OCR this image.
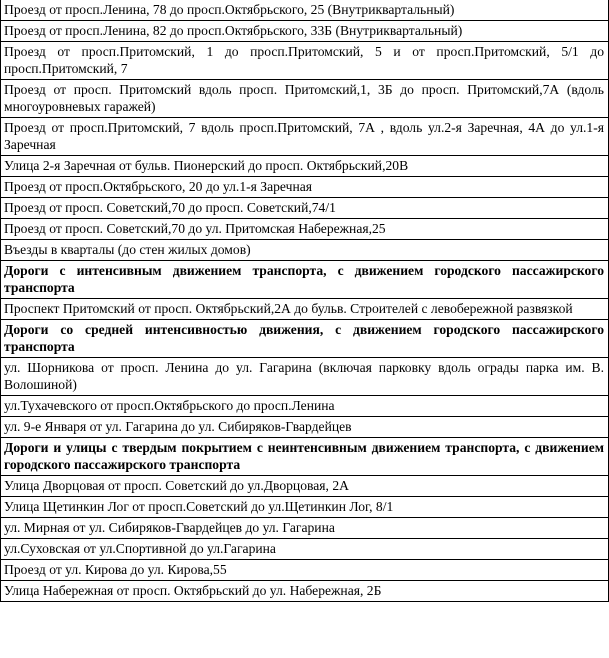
Проезд от просп.Ленина, 78 до просп.Октябрьского, 25 (Внутриквартальный)
Проезд от просп.Ленина, 82 до просп.Октябрьского, 33Б (Внутриквартальный)
Проезд от просп.Притомский, 1 до просп.Притомский, 5 и от просп.Притомский, 5/1 до просп.Притомский, 7
Проезд от просп. Притомский вдоль просп. Притомский,1, 3Б до просп. Притомский,7А (вдоль многоуровневых гаражей)
Проезд от просп.Притомский, 7 вдоль просп.Притомский, 7А , вдоль ул.2-я Заречная, 4А до ул.1-я Заречная
Улица 2-я Заречная от бульв. Пионерский до просп. Октябрьский,20В
Проезд от просп.Октябрьского, 20 до ул.1-я Заречная
Проезд от просп. Советский,70 до просп. Советский,74/1
Проезд от просп. Советский,70 до ул. Притомская Набережная,25
Въезды в кварталы (до стен жилых домов)
Дороги с интенсивным движением транспорта, с движением городского пассажирского транспорта
Проспект Притомский от просп. Октябрьский,2А до бульв. Строителей с левобережной развязкой
Дороги со средней интенсивностью движения, с движением городского пассажирского транспорта
ул. Шорникова от просп. Ленина до ул. Гагарина (включая парковку вдоль ограды парка им. В. Волошиной)
ул.Тухачевского от просп.Октябрьского до просп.Ленина
ул. 9-е Января от ул. Гагарина до ул. Сибиряков-Гвардейцев
Дороги и улицы с твердым покрытием с неинтенсивным движением транспорта, с движением городского пассажирского транспорта
Улица Дворцовая от просп. Советский до ул.Дворцовая, 2А
Улица Щетинкин Лог от просп.Советский до ул.Щетинкин Лог, 8/1
ул. Мирная от ул. Сибиряков-Гвардейцев до ул. Гагарина
ул.Суховская от ул.Спортивной до ул.Гагарина
Проезд от ул. Кирова до ул. Кирова,55
Улица Набережная от просп. Октябрьский до ул. Набережная, 2Б
